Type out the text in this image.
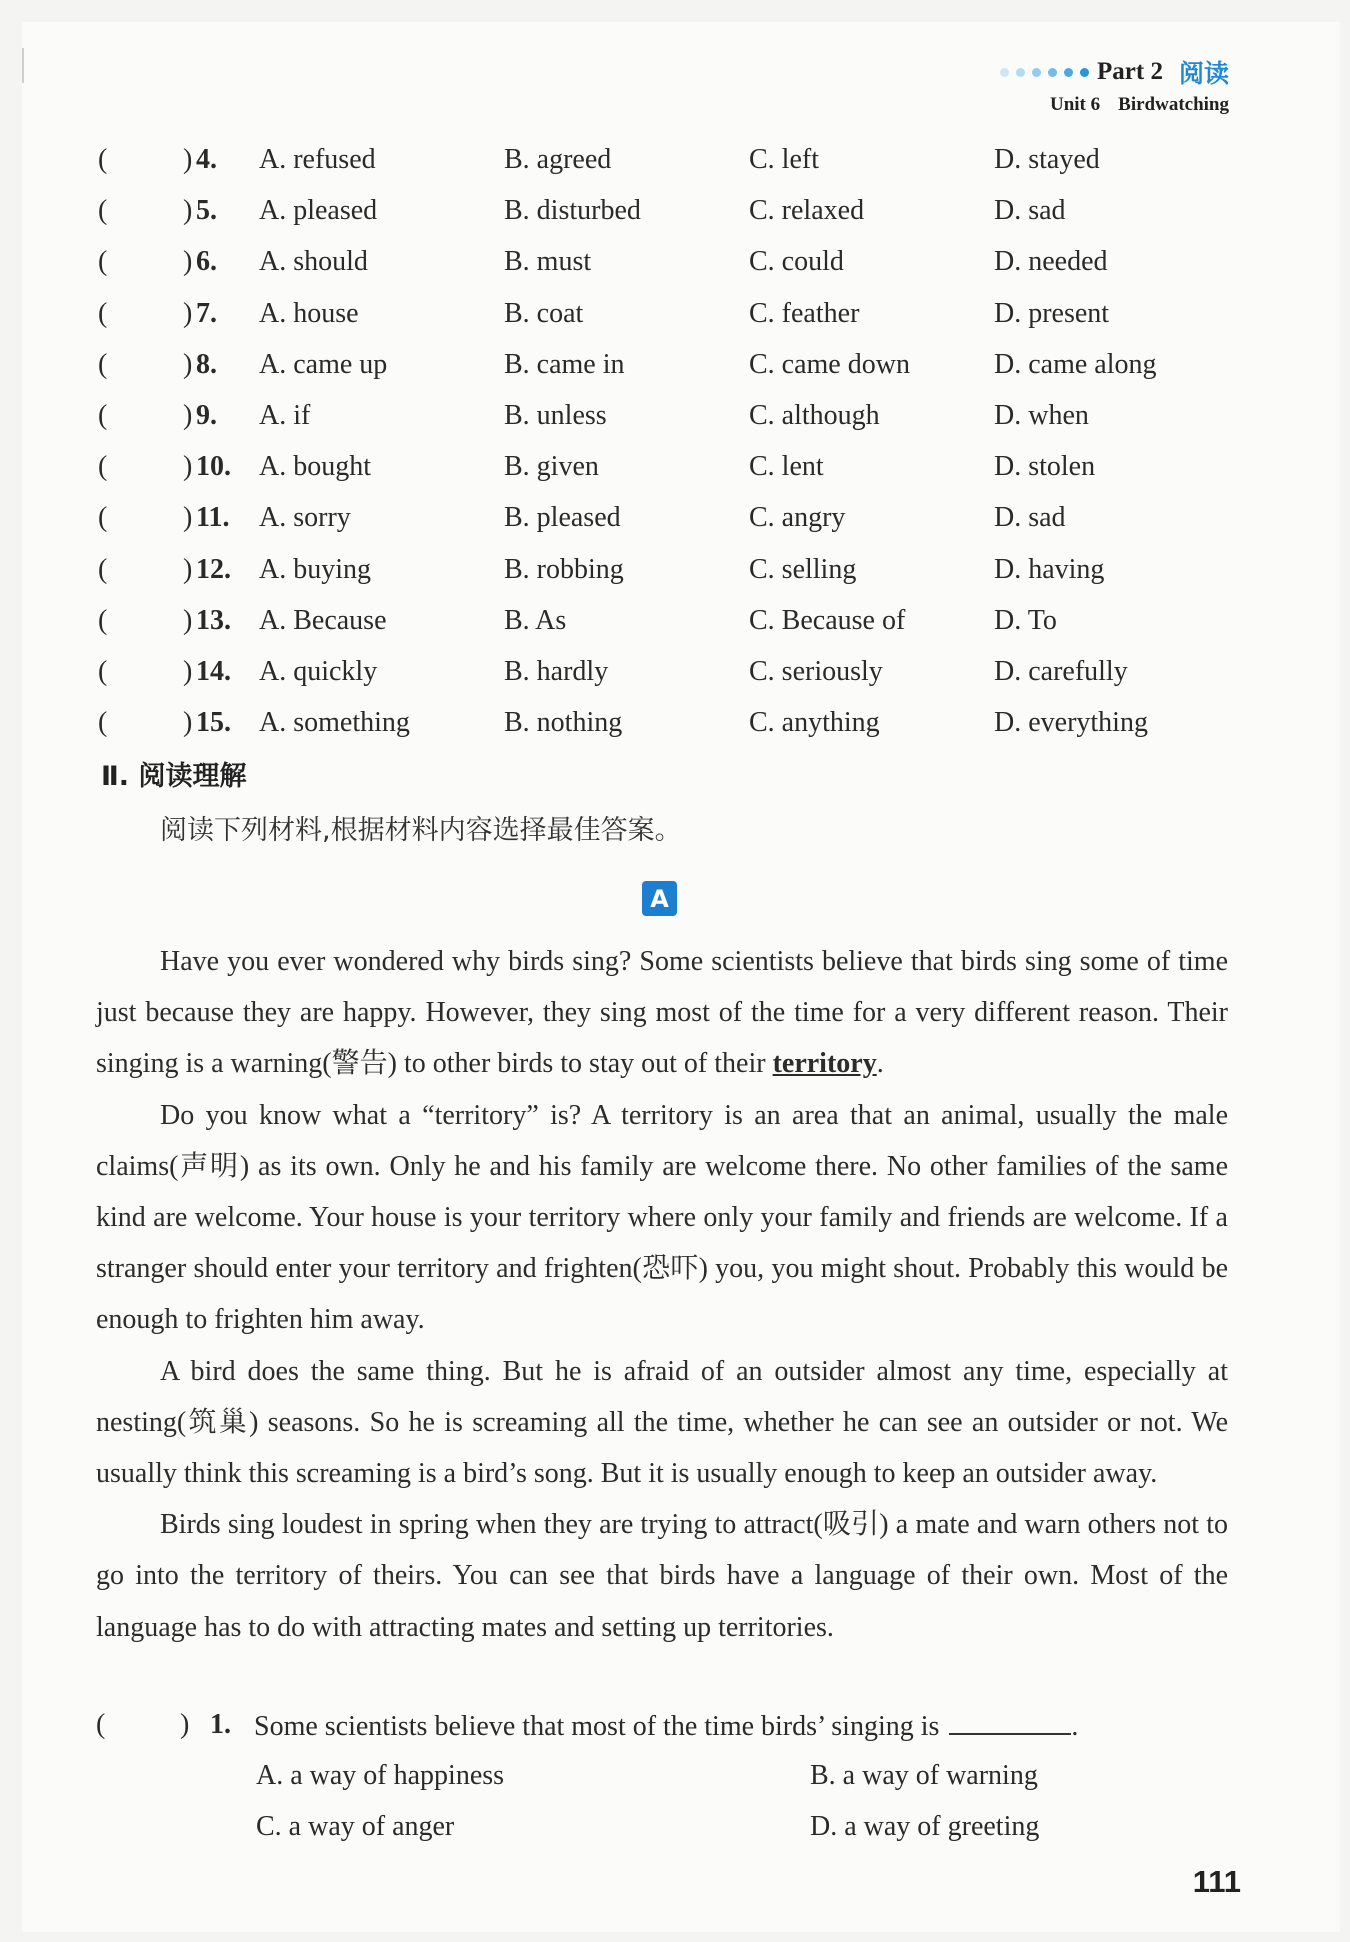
Part 2 阅读
Unit 6 Birdwatching
(	) 4. A. refused	B. agreed	C. left	D. stayed
(	) 5. A. pleased	B. disturbed	C. relaxed	D. sad
(	) 6. A. should	B. must	C. could	D. needed
(	) 7. A. house	B. coat	C. feather	D. present
(	) 8. A. came up	B. came in	C. came down	D. came along
(	) 9. A. if	B. unless	C. although	D. when
(	) 10. A. bought	B. given	C. lent	D. stolen
(	) 11. A. sorry	B. pleased	C. angry	D. sad
(	) 12. A. buying	B. robbing	C. selling	D. having
(	) 13. A. Because	B. As	C. Because of	D. To
(	) 14. A. quickly	B. hardly	C. seriously	D. carefully
(	) 15. A. something	B. nothing	C. anything	D. everything
Ⅱ. 阅读理解
阅读下列材料,根据材料内容选择最佳答案。
A

Have you ever wondered why birds sing? Some scientists believe that birds sing some of time just because they are happy. However, they sing most of the time for a very different reason. Their singing is a warning(警告) to other birds to stay out of their territory.

Do you know what a “territory” is? A territory is an area that an animal, usually the male claims(声明) as its own. Only he and his family are welcome there. No other families of the same kind are welcome. Your house is your territory where only your family and friends are welcome. If a stranger should enter your territory and frighten(恐吓) you, you might shout. Probably this would be enough to frighten him away.

A bird does the same thing. But he is afraid of an outsider almost any time, especially at nesting(筑巢) seasons. So he is screaming all the time, whether he can see an outsider or not. We usually think this screaming is a bird’s song. But it is usually enough to keep an outsider away.

Birds sing loudest in spring when they are trying to attract(吸引) a mate and warn others not to go into the territory of theirs. You can see that birds have a language of their own. Most of the language has to do with attracting mates and setting up territories.

(	) 1. Some scientists believe that most of the time birds’ singing is	.
A. a way of happiness	B. a way of warning
C. a way of anger	D. a way of greeting
111
